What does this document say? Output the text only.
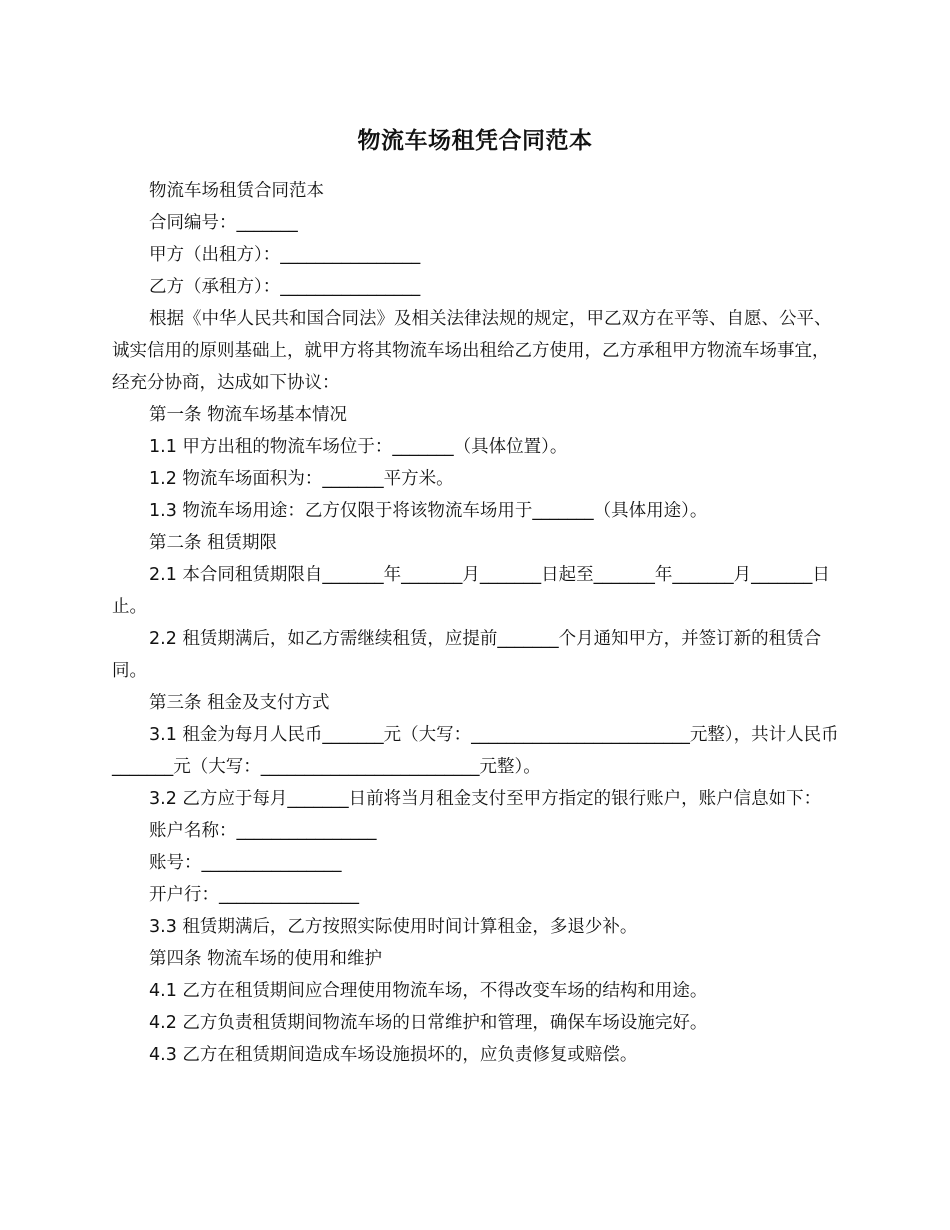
物流车场租凭合同范本

物流车场租赁合同范本

合同编号：_______

甲方（出租方）：________________

乙方（承租方）：________________

根据《中华人民共和国合同法》及相关法律法规的规定，甲乙双方在平等、自愿、公平、诚实信用的原则基础上，就甲方将其物流车场出租给乙方使用，乙方承租甲方物流车场事宜，经充分协商，达成如下协议：

第一条 物流车场基本情况

1.1 甲方出租的物流车场位于：_______（具体位置）。

1.2 物流车场面积为：_______平方米。

1.3 物流车场用途：乙方仅限于将该物流车场用于_______（具体用途）。

第二条 租赁期限

2.1 本合同租赁期限自_______年_______月_______日起至_______年_______月_______日止。

2.2 租赁期满后，如乙方需继续租赁，应提前_______个月通知甲方，并签订新的租赁合同。

第三条 租金及支付方式

3.1 租金为每月人民币_______元（大写：_________________________元整），共计人民币_______元（大写：_________________________元整）。

3.2 乙方应于每月_______日前将当月租金支付至甲方指定的银行账户，账户信息如下：

账户名称：________________

账号：________________

开户行：________________

3.3 租赁期满后，乙方按照实际使用时间计算租金，多退少补。

第四条 物流车场的使用和维护

4.1 乙方在租赁期间应合理使用物流车场，不得改变车场的结构和用途。

4.2 乙方负责租赁期间物流车场的日常维护和管理，确保车场设施完好。

4.3 乙方在租赁期间造成车场设施损坏的，应负责修复或赔偿。
